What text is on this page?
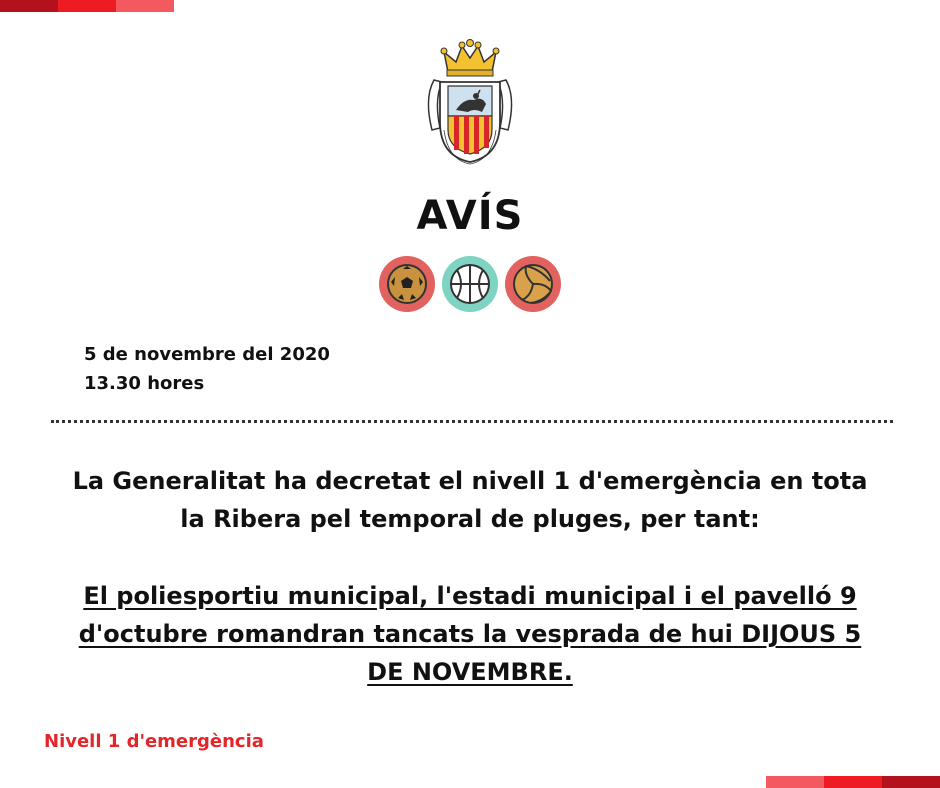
AVÍS
5 de novembre del 2020
13.30 hores

La Generalitat ha decretat el nivell 1 d'emergència en tota la Ribera pel temporal de pluges, per tant:

El poliesportiu municipal, l'estadi municipal i el pavelló 9 d'octubre romandran tancats la vesprada de hui DIJOUS 5 DE NOVEMBRE.

Nivell 1 d'emergència
